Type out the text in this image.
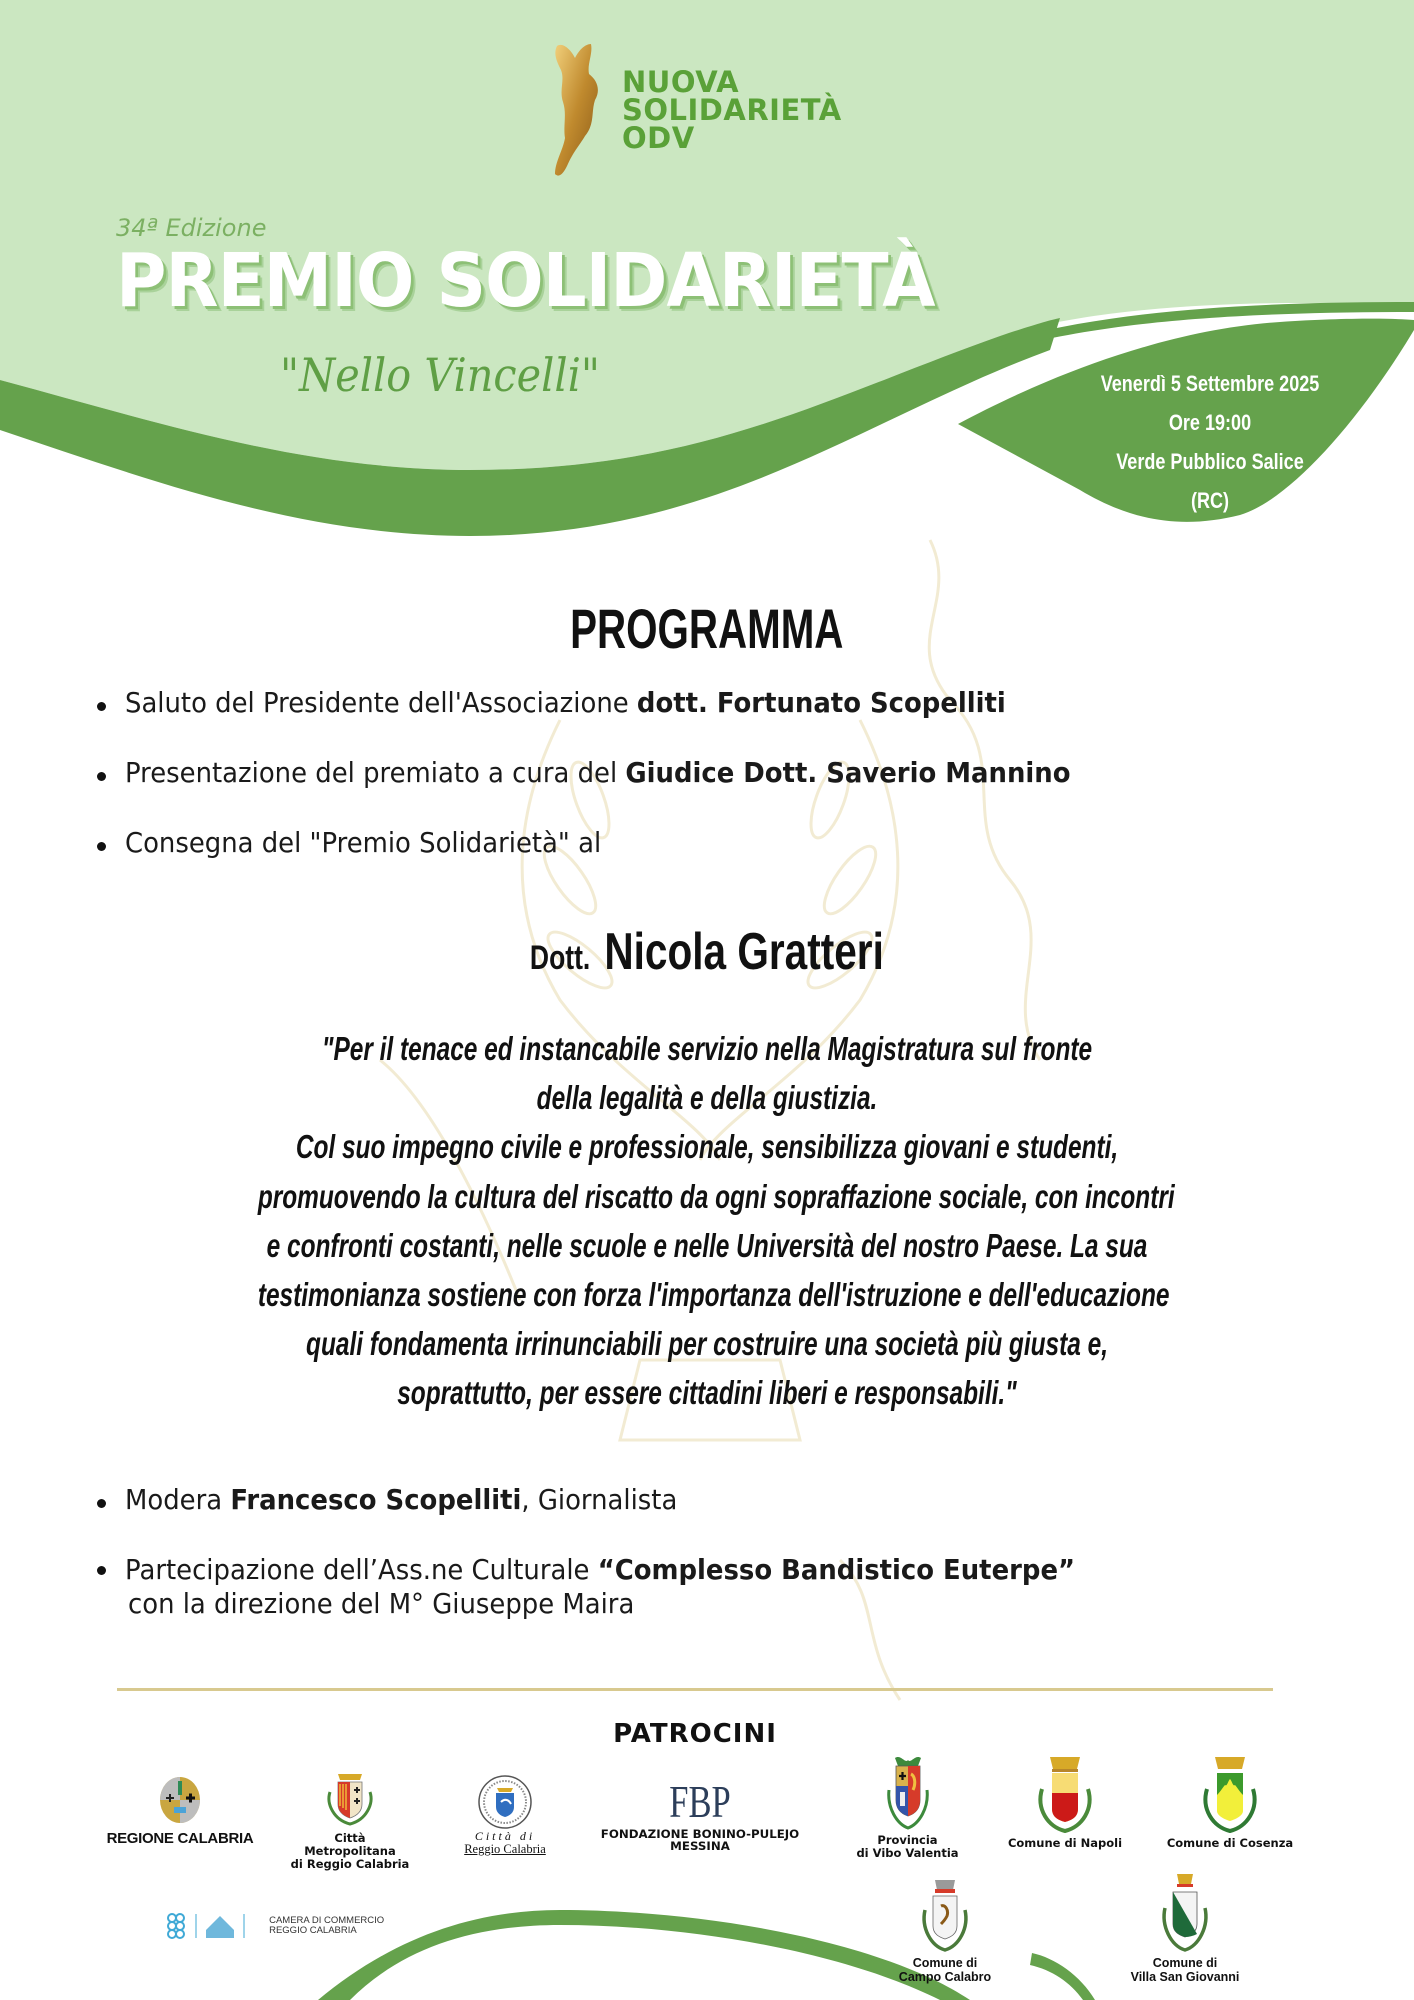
NUOVA
SOLIDARIETÀ
ODV
34ª Edizione
PREMIO SOLIDARIETÀ
"Nello Vincelli"	Venerdì 5 Settembre 2025
Ore 19:00
Verde Pubblico Salice
(RC)
PROGRAMMA
Saluto del Presidente dell'Associazione dott. Fortunato Scopelliti
Presentazione del premiato a cura del Giudice Dott. Saverio Mannino
Consegna del "Premio Solidarietà" al
Dott. Nicola Gratteri
"Per il tenace ed instancabile servizio nella Magistratura sul fronte
della legalità e della giustizia.
Col suo impegno civile e professionale, sensibilizza giovani e studenti,
promuovendo la cultura del riscatto da ogni sopraffazione sociale, con incontri
e confronti costanti, nelle scuole e nelle Università del nostro Paese. La sua
testimonianza sostiene con forza l'importanza dell'istruzione e dell'educazione
quali fondamenta irrinunciabili per costruire una società più giusta e,
soprattutto, per essere cittadini liberi e responsabili."
Modera Francesco Scopelliti, Giornalista
Partecipazione dell’Ass.ne Culturale “Complesso Bandistico Euterpe”
con la direzione del M° Giuseppe Maira
PATROCINI
REGIONE CALABRIA	Città
Metropolitana
di Reggio Calabria
Città di
Reggio Calabria
FBP
FONDAZIONE BONINO-PULEJO
MESSINA	Provincia
di Vibo Valentia
Comune di Napoli	Comune di Cosenza
CAMERA DI COMMERCIO
REGGIO CALABRIA
Comune di
Campo Calabro
Comune di
Villa San Giovanni
